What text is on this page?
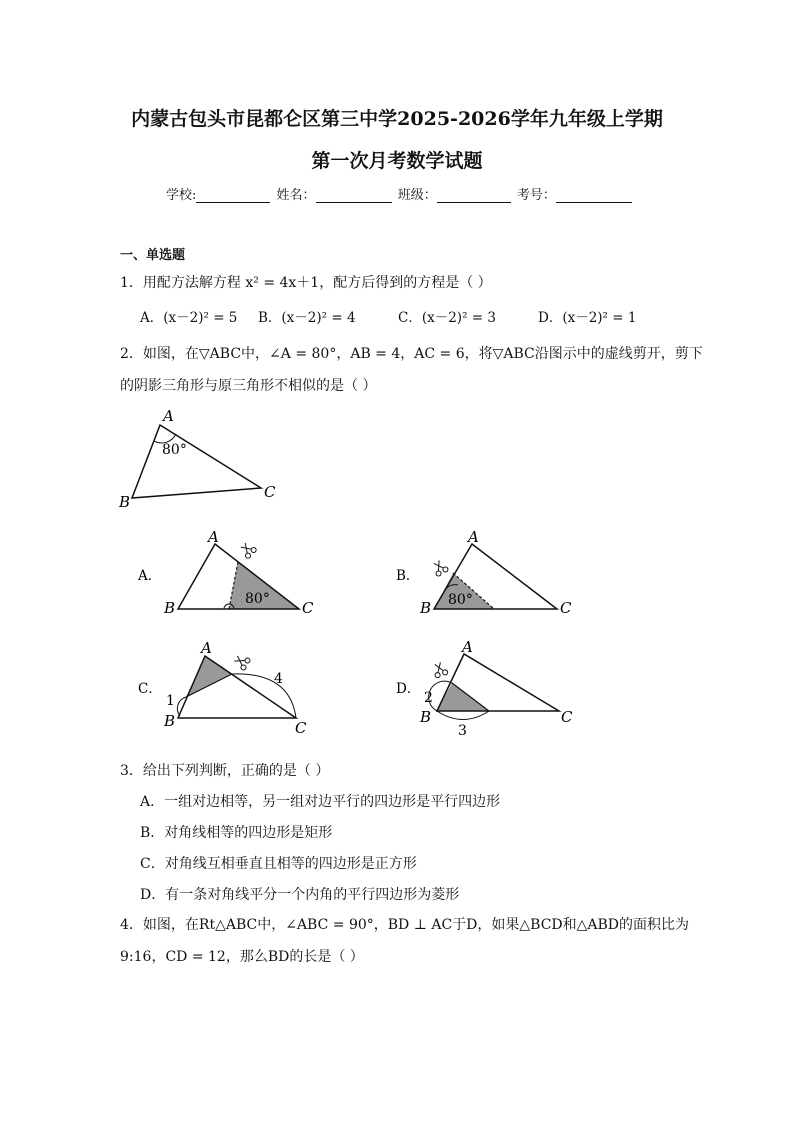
内蒙古包头市昆都仑区第三中学2025-2026学年九年级上学期
第一次月考数学试题
学校:	姓名：	班级：	考号：
一、单选题
1．用配方法解方程 x² = 4x＋1，配方后得到的方程是（ ）
A．(x－2)² = 5 B．(x－2)² = 4	C．(x－2)² = 3	D．(x－2)² = 1
2．如图，在▽ABC中，∠A = 80°，AB = 4，AC = 6，将▽ABC沿图示中的虚线剪开，剪下
的阴影三角形与原三角形不相似的是（ ）
A
B
C
80°
A．
80°
A
B	C
B．
80°
A
B	C
C．
A
B	C
1
4
D．
A
B	C
2
3
3．给出下列判断，正确的是（ ）
A．一组对边相等，另一组对边平行的四边形是平行四边形
B．对角线相等的四边形是矩形
C．对角线互相垂直且相等的四边形是正方形
D．有一条对角线平分一个内角的平行四边形为菱形
4．如图，在Rt△ABC中，∠ABC = 90°，BD ⊥ AC于D，如果△BCD和△ABD的面积比为
9:16，CD = 12，那么BD的长是（ ）
